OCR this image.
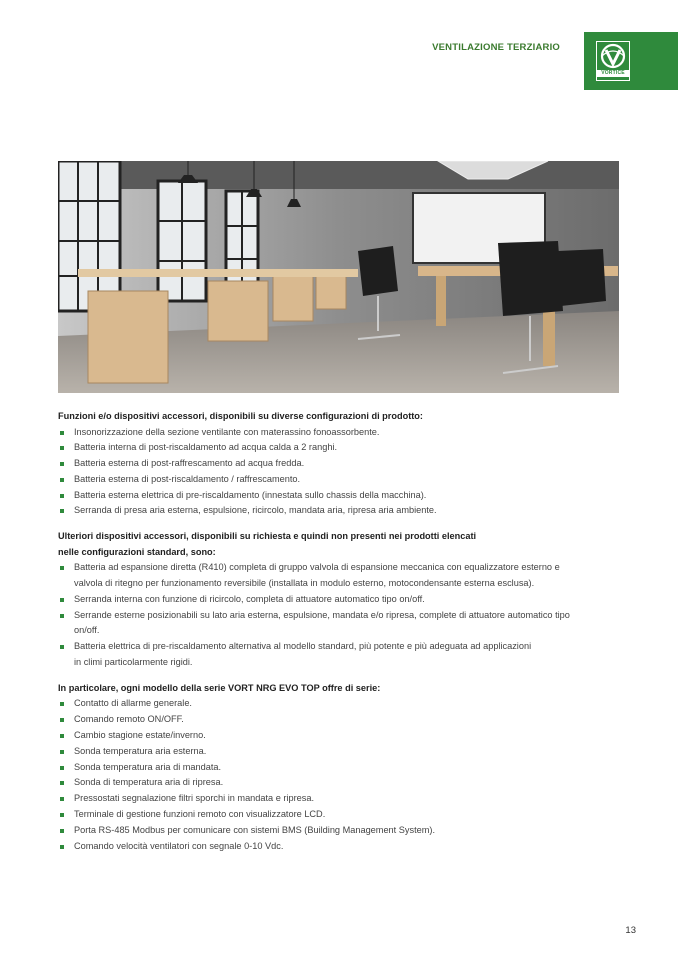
VENTILAZIONE TERZIARIO
VORTICE

Funzioni e/o dispositivi accessori, disponibili su diverse configurazioni di prodotto:

Insonorizzazione della sezione ventilante con materassino fonoassorbente.
Batteria interna di post-riscaldamento ad acqua calda a 2 ranghi.
Batteria esterna di post-raffrescamento ad acqua fredda.
Batteria esterna di post-riscaldamento / raffrescamento.
Batteria esterna elettrica di pre-riscaldamento (innestata sullo chassis della macchina).
Serranda di presa aria esterna, espulsione, ricircolo, mandata aria, ripresa aria ambiente.

Ulteriori dispositivi accessori, disponibili su richiesta e quindi non presenti nei prodotti elencati
nelle configurazioni standard, sono:

Batteria ad espansione diretta (R410) completa di gruppo valvola di espansione meccanica con equalizzatore esterno e
valvola di ritegno per funzionamento reversibile (installata in modulo esterno, motocondensante esterna esclusa).
Serranda interna con funzione di ricircolo, completa di attuatore automatico tipo on/off.
Serrande esterne posizionabili su lato aria esterna, espulsione, mandata e/o ripresa, complete di attuatore automatico tipo
on/off.
Batteria elettrica di pre-riscaldamento alternativa al modello standard, più potente e più adeguata ad applicazioni
in climi particolarmente rigidi.

In particolare, ogni modello della serie VORT NRG EVO TOP offre di serie:

Contatto di allarme generale.
Comando remoto ON/OFF.
Cambio stagione estate/inverno.
Sonda temperatura aria esterna.
Sonda temperatura aria di mandata.
Sonda di temperatura aria di ripresa.
Pressostati segnalazione filtri sporchi in mandata e ripresa.
Terminale di gestione funzioni remoto con visualizzatore LCD.
Porta RS-485 Modbus per comunicare con sistemi BMS (Building Management System).
Comando velocità ventilatori con segnale 0-10 Vdc.
13
